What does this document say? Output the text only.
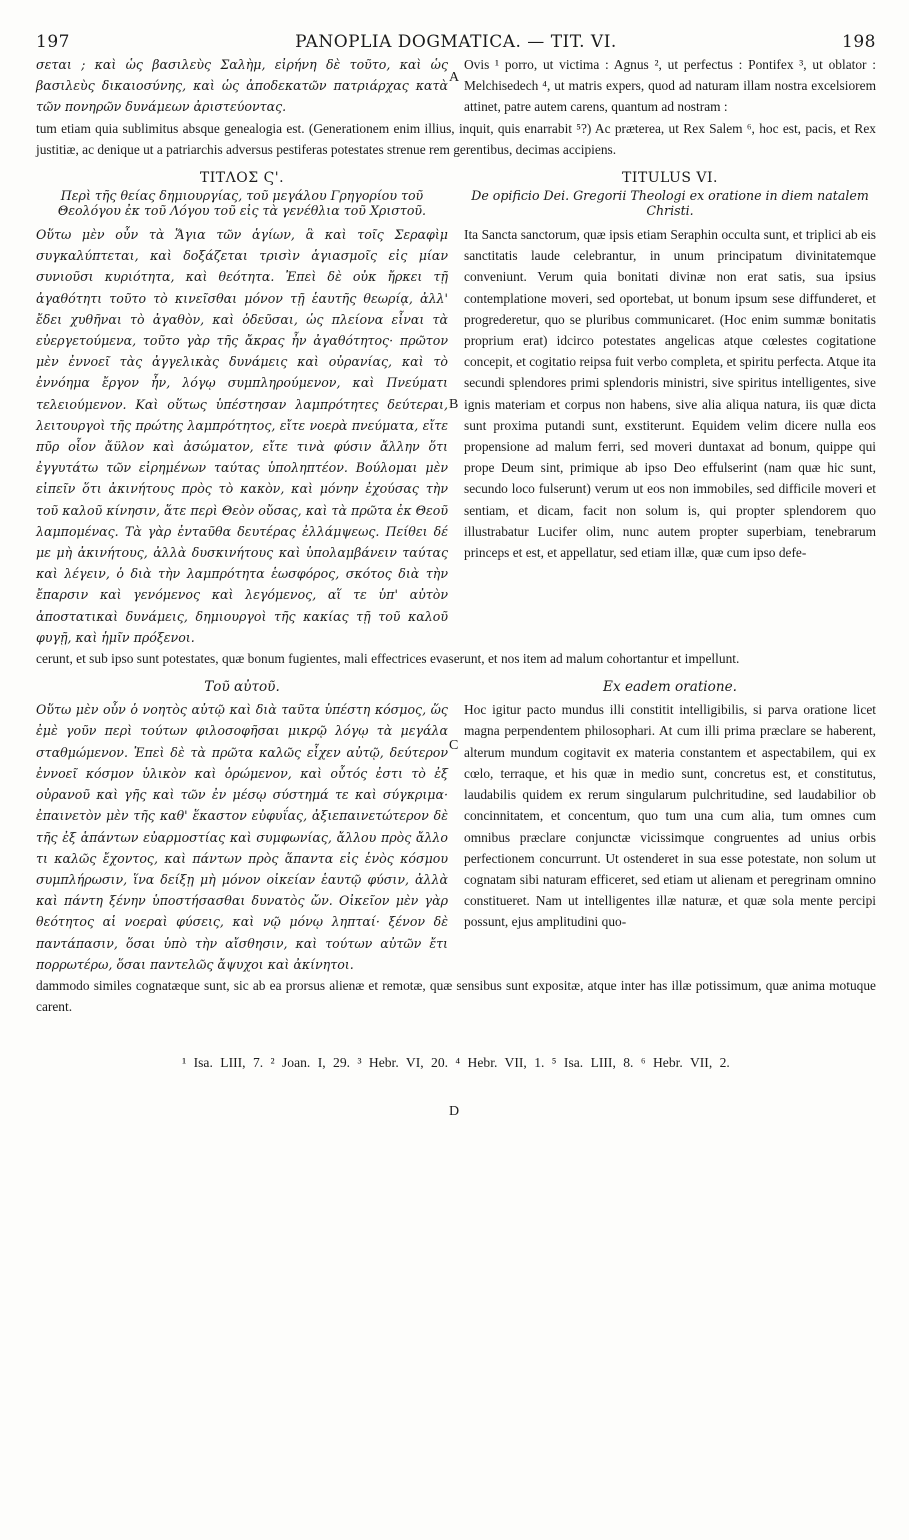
197	PANOPLIA DOGMATICA. — TIT. VI.	198

σεται ; καὶ ὡς βασιλεὺς Σαλὴμ, εἰρήνη δὲ τοῦτο, καὶ ὡς βασιλεὺς δικαιοσύνης, καὶ ὡς ἀποδεκατῶν πατριάρχας κατὰ τῶν πονηρῶν δυνάμεων ἀριστεύοντας.

Ovis ¹ porro, ut victima : Agnus ², ut perfectus : Pontifex ³, ut oblator : Melchisedech ⁴, ut matris expers, quod ad naturam illam nostra excelsiorem attinet, patre autem carens, quantum ad nostram :

tum etiam quia sublimitus absque genealogia est. (Generationem enim illius, inquit, quis enarrabit ⁵?) Ac præterea, ut Rex Salem ⁶, hoc est, pacis, et Rex justitiæ, ac denique ut a patriarchis adversus pestiferas potestates strenue rem gerentibus, decimas accipiens.

ΤΙΤΛΟΣ Ϛ'.

Περὶ τῆς θείας δημιουργίας, τοῦ μεγάλου Γρηγορίου τοῦ Θεολόγου ἐκ τοῦ Λόγου τοῦ εἰς τὰ γενέθλια τοῦ Χριστοῦ.

Οὕτω μὲν οὖν τὰ Ἅγια τῶν ἁγίων, ἃ καὶ τοῖς Σεραφὶμ συγκαλύπτεται, καὶ δοξάζεται τρισὶν ἁγιασμοῖς εἰς μίαν συνιοῦσι κυριότητα, καὶ θεότητα. Ἐπεὶ δὲ οὐκ ἤρκει τῇ ἀγαθότητι τοῦτο τὸ κινεῖσθαι μόνον τῇ ἑαυτῆς θεωρίᾳ, ἀλλ' ἔδει χυθῆναι τὸ ἀγαθὸν, καὶ ὁδεῦσαι, ὡς πλείονα εἶναι τὰ εὐεργετούμενα, τοῦτο γὰρ τῆς ἄκρας ἦν ἀγαθότητος· πρῶτον μὲν ἐννοεῖ τὰς ἀγγελικὰς δυνάμεις καὶ οὐρανίας, καὶ τὸ ἐννόημα ἔργον ἦν, λόγῳ συμπληρούμενον, καὶ Πνεύματι τελειούμενον. Καὶ οὕτως ὑπέστησαν λαμπρότητες δεύτεραι, λειτουργοὶ τῆς πρώτης λαμπρότητος, εἴτε νοερὰ πνεύματα, εἴτε πῦρ οἷον ἄϋλον καὶ ἀσώματον, εἴτε τινὰ φύσιν ἄλλην ὅτι ἐγγυτάτω τῶν εἰρημένων ταύτας ὑποληπτέον. Βούλομαι μὲν εἰπεῖν ὅτι ἀκινήτους πρὸς τὸ κακὸν, καὶ μόνην ἐχούσας τὴν τοῦ καλοῦ κίνησιν, ἅτε περὶ Θεὸν οὔσας, καὶ τὰ πρῶτα ἐκ Θεοῦ λαμπομένας. Τὰ γὰρ ἐνταῦθα δευτέρας ἐλλάμψεως. Πείθει δέ με μὴ ἀκινήτους, ἀλλὰ δυσκινήτους καὶ ὑπολαμβάνειν ταύτας καὶ λέγειν, ὁ διὰ τὴν λαμπρότητα ἑωσφόρος, σκότος διὰ τὴν ἔπαρσιν καὶ γενόμενος καὶ λεγόμενος, αἵ τε ὑπ' αὐτὸν ἀποστατικαὶ δυνάμεις, δημιουργοὶ τῆς κακίας τῇ τοῦ καλοῦ φυγῇ, καὶ ἡμῖν πρόξενοι.

TITULUS VI.

De opificio Dei. Gregorii Theologi ex oratione in diem natalem Christi.

Ita Sancta sanctorum, quæ ipsis etiam Seraphin occulta sunt, et triplici ab eis sanctitatis laude celebrantur, in unum principatum divinitatemque conveniunt. Verum quia bonitati divinæ non erat satis, sua ipsius contemplatione moveri, sed oportebat, ut bonum ipsum sese diffunderet, et progrederetur, quo se pluribus communicaret. (Hoc enim summæ bonitatis proprium erat) idcirco potestates angelicas atque cœlestes cogitatione concepit, et cogitatio reipsa fuit verbo completa, et spiritu perfecta. Atque ita secundi splendores primi splendoris ministri, sive spiritus intelligentes, sive ignis materiam et corpus non habens, sive alia aliqua natura, iis quæ dicta sunt proxima putandi sunt, exstiterunt. Equidem velim dicere nulla eos propensione ad malum ferri, sed moveri duntaxat ad bonum, quippe qui prope Deum sint, primique ab ipso Deo effulserint (nam quæ hic sunt, secundo loco fulserunt) verum ut eos non immobiles, sed difficile moveri et sentiam, et dicam, facit non solum is, qui propter splendorem quo illustrabatur Lucifer olim, nunc autem propter superbiam, tenebrarum princeps et est, et appellatur, sed etiam illæ, quæ cum ipso defe-

cerunt, et sub ipso sunt potestates, quæ bonum fugientes, mali effectrices evaserunt, et nos item ad malum cohortantur et impellunt.

Τοῦ αὐτοῦ.

Οὕτω μὲν οὖν ὁ νοητὸς αὐτῷ καὶ διὰ ταῦτα ὑπέστη κόσμος, ὥς ἐμὲ γοῦν περὶ τούτων φιλοσοφῆσαι μικρῷ λόγῳ τὰ μεγάλα σταθμώμενον. Ἐπεὶ δὲ τὰ πρῶτα καλῶς εἶχεν αὐτῷ, δεύτερον ἐννοεῖ κόσμον ὑλικὸν καὶ ὁρώμενον, καὶ οὗτός ἐστι τὸ ἐξ οὐρανοῦ καὶ γῆς καὶ τῶν ἐν μέσῳ σύστημά τε καὶ σύγκριμα· ἐπαινετὸν μὲν τῆς καθ' ἕκαστον εὐφυΐας, ἀξιεπαινετώτερον δὲ τῆς ἐξ ἁπάντων εὐαρμοστίας καὶ συμφωνίας, ἄλλου πρὸς ἄλλο τι καλῶς ἔχοντος, καὶ πάντων πρὸς ἅπαντα εἰς ἑνὸς κόσμου συμπλήρωσιν, ἵνα δείξῃ μὴ μόνον οἰκείαν ἑαυτῷ φύσιν, ἀλλὰ καὶ πάντη ξένην ὑποστήσασθαι δυνατὸς ὤν. Οἰκεῖον μὲν γὰρ θεότητος αἱ νοεραὶ φύσεις, καὶ νῷ μόνῳ ληπταί· ξένον δὲ παντάπασιν, ὅσαι ὑπὸ τὴν αἴσθησιν, καὶ τούτων αὐτῶν ἔτι πορρωτέρω, ὅσαι παντελῶς ἄψυχοι καὶ ἀκίνητοι.

Ex eadem oratione.

Hoc igitur pacto mundus illi constitit intelligibilis, si parva oratione licet magna perpendentem philosophari. At cum illi prima præclare se haberent, alterum mundum cogitavit ex materia constantem et aspectabilem, qui ex cœlo, terraque, et his quæ in medio sunt, concretus est, et constitutus, laudabilis quidem ex rerum singularum pulchritudine, sed laudabilior ob concinnitatem, et concentum, quo tum una cum alia, tum omnes cum omnibus præclare conjunctæ vicissimque congruentes ad unius orbis perfectionem concurrunt. Ut ostenderet in sua esse potestate, non solum ut cognatam sibi naturam efficeret, sed etiam ut alienam et peregrinam omnino constitueret. Nam ut intelligentes illæ naturæ, et quæ sola mente percipi possunt, ejus amplitudini quo-

dammodo similes cognatæque sunt, sic ab ea prorsus alienæ et remotæ, quæ sensibus sunt expositæ, atque inter has illæ potissimum, quæ anima motuque carent.

¹ Isa. LIII, 7. ² Joan. I, 29. ³ Hebr. VI, 20. ⁴ Hebr. VII, 1. ⁵ Isa. LIII, 8. ⁶ Hebr. VII, 2.
A
B
C
D
